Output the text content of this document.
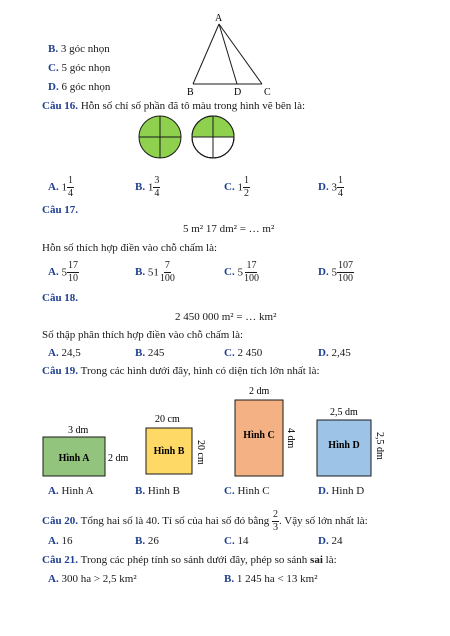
B. 3 góc nhọn
C. 5 góc nhọn
D. 6 góc nhọn
A
B	D C
Câu 16. Hỗn số chỉ số phần đã tô màu trong hình vẽ bên là:
A. $1 \frac{1}{4}$	B. $1 \frac{3}{4}$	C. $1 \frac{1}{2}$	D. $3 \frac{1}{4}$
Câu 17.
5 m² 17 dm² = … m²
Hỗn số thích hợp điền vào chỗ chấm là:
A. $5 \frac{17}{10}$	B. $51 \frac{7}{100}$	C. $5 \frac{17}{100}$	D. $5 \frac{107}{100}$
Câu 18.
2 450 000 m² = … km²
Số thập phân thích hợp điền vào chỗ chấm là:
A. 24,5	B. 245	C. 2 450	D. 2,45
Câu 19. Trong các hình dưới đây, hình có diện tích lớn nhất là:
3 dm
Hình A 2 dm
20 cm
Hình B 20 cm
2 dm
Hình C 4 dm
2,5 dm
Hình D 2,5 dm
A. Hình A	B. Hình B	C. Hình C	D. Hình D
Câu 20. Tổng hai số là 40. Tỉ số của hai số đó bằng $\frac{2}{3}$ . Vậy số lớn nhất là:
A. 16	B. 26	C. 14	D. 24
Câu 21. Trong các phép tính so sánh dưới đây, phép so sánh sai là:
A. 300 ha > 2,5 km²	B. 1 245 ha < 13 km²
